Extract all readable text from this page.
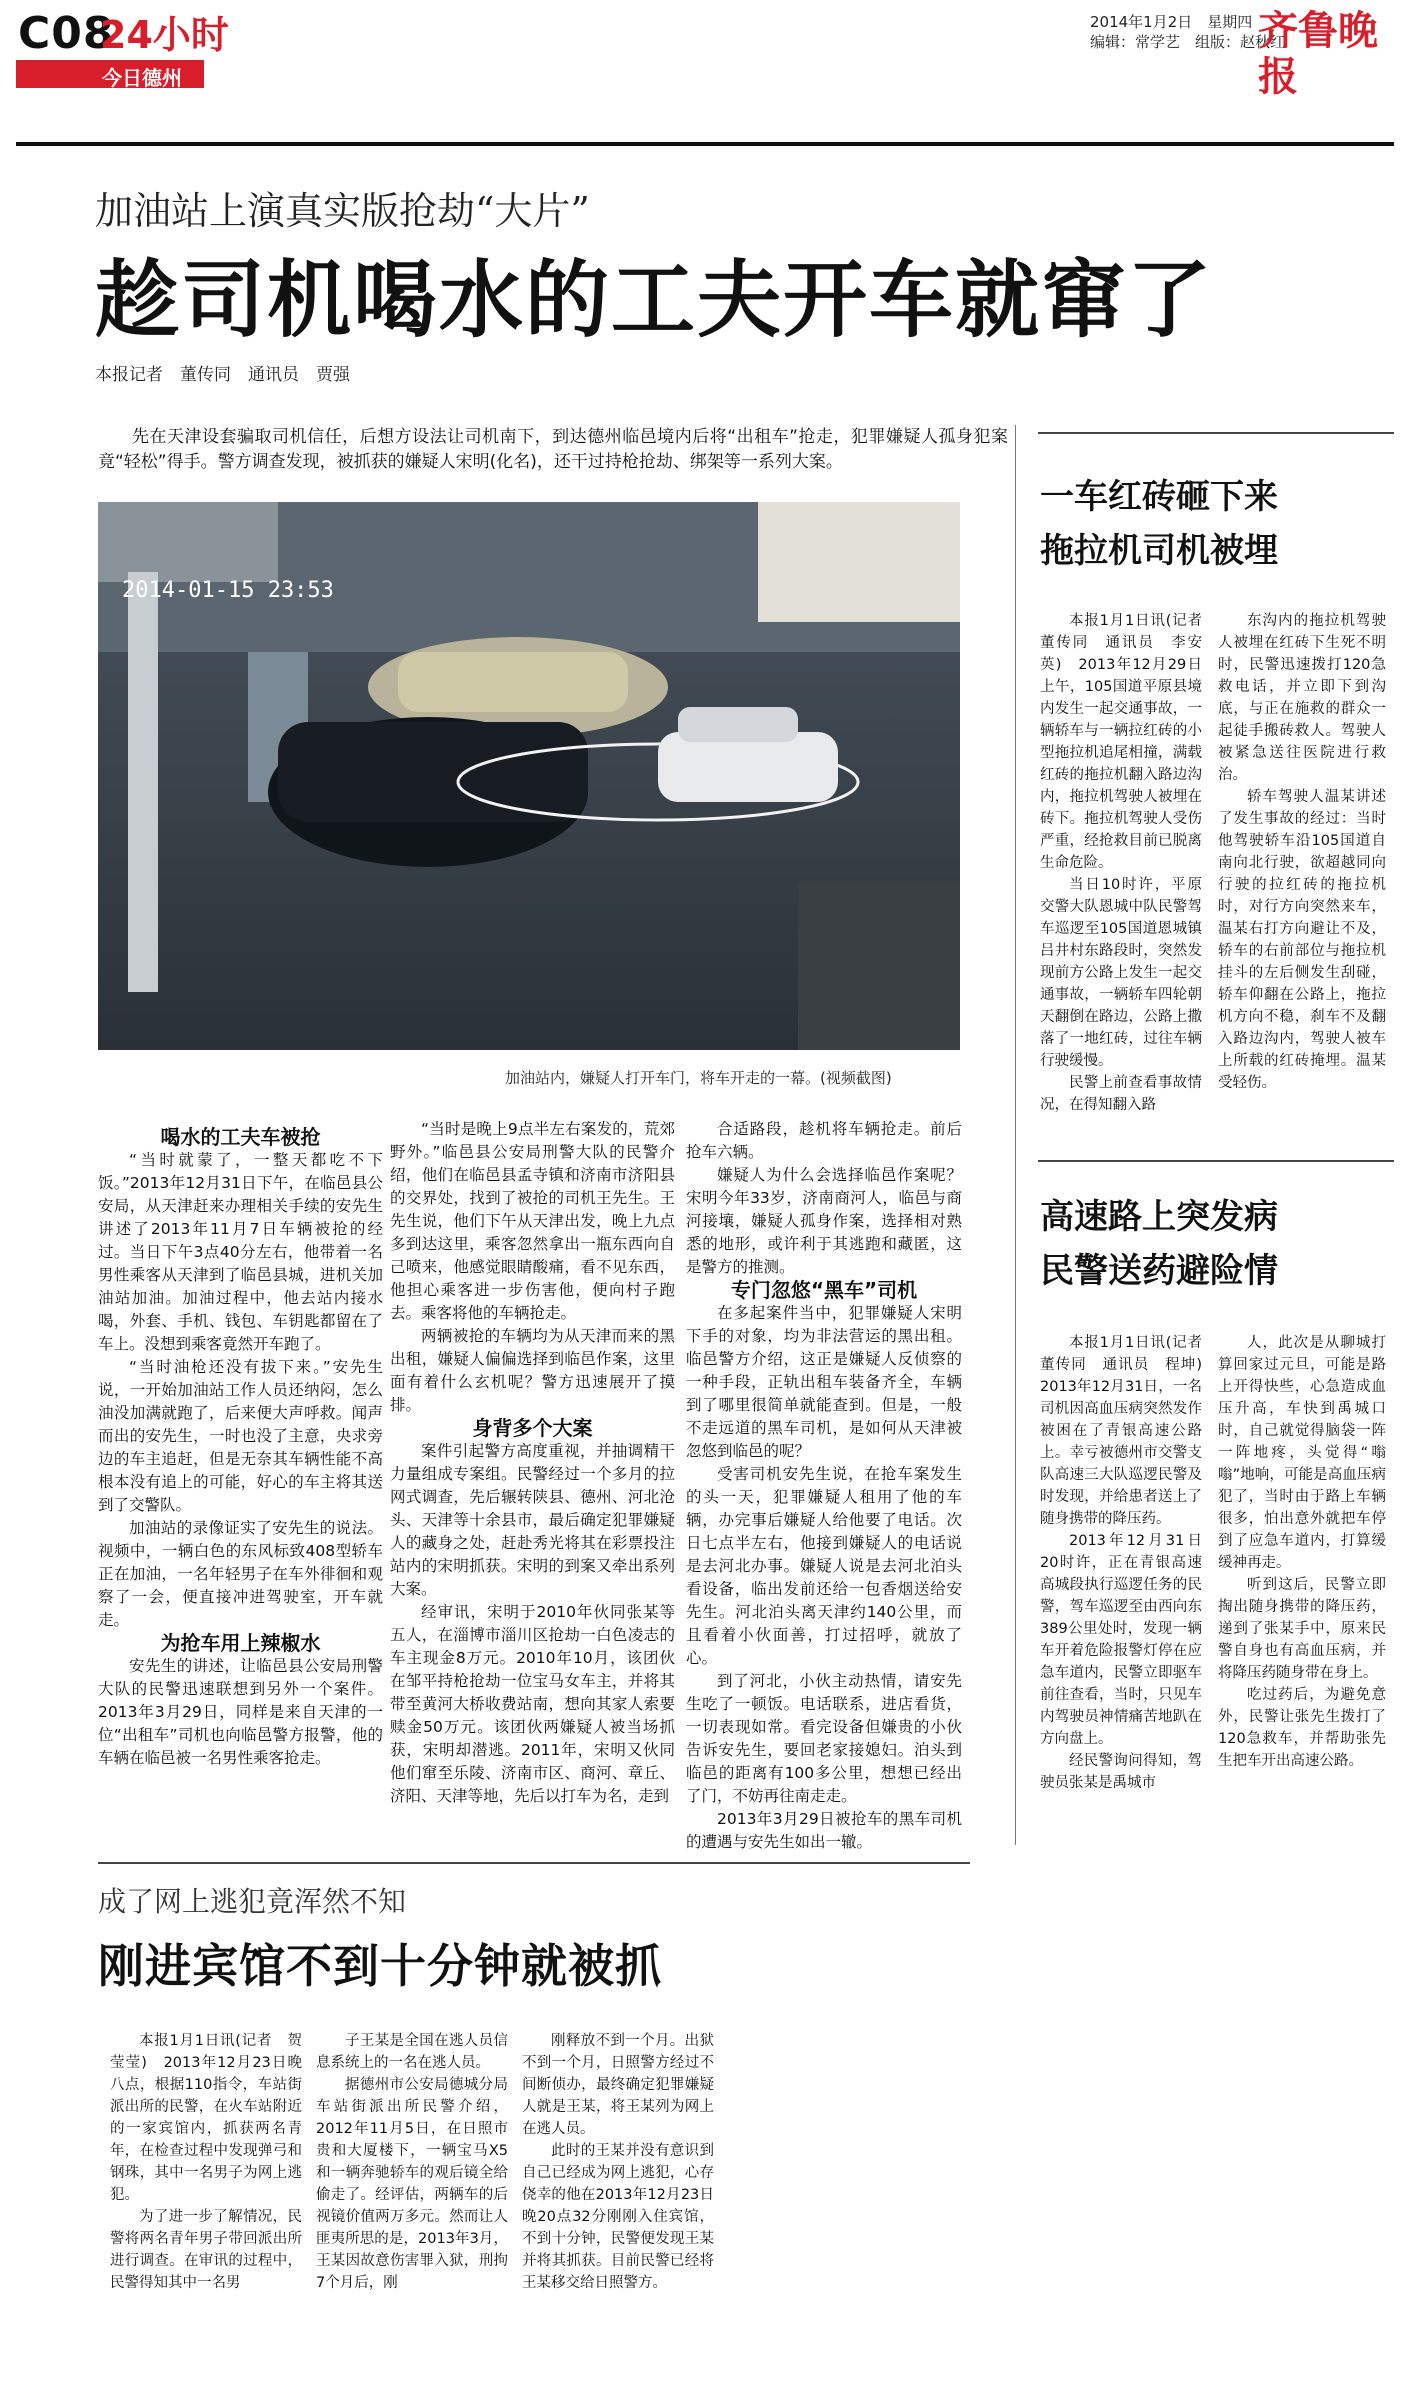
C08
24小时
今日德州
2014年1月2日　星期四
编辑：常学艺　组版：赵秋红
齐鲁晚报
加油站上演真实版抢劫“大片”
趁司机喝水的工夫开车就窜了
本报记者　董传同　通讯员　贾强
先在天津设套骗取司机信任，后想方设法让司机南下，到达德州临邑境内后将“出租车”抢走，犯罪嫌疑人孤身犯案竟“轻松”得手。警方调查发现，被抓获的嫌疑人宋明(化名)，还干过持枪抢劫、绑架等一系列大案。
2014-01-15 23:53
加油站内，嫌疑人打开车门，将车开走的一幕。(视频截图)

喝水的工夫车被抢

“当时就蒙了，一整天都吃不下饭。”2013年12月31日下午，在临邑县公安局，从天津赶来办理相关手续的安先生讲述了2013年11月7日车辆被抢的经过。当日下午3点40分左右，他带着一名男性乘客从天津到了临邑县城，进机关加油站加油。加油过程中，他去站内接水喝，外套、手机、钱包、车钥匙都留在了车上。没想到乘客竟然开车跑了。

“当时油枪还没有拔下来。”安先生说，一开始加油站工作人员还纳闷，怎么油没加满就跑了，后来便大声呼救。闻声而出的安先生，一时也没了主意，央求旁边的车主追赶，但是无奈其车辆性能不高根本没有追上的可能，好心的车主将其送到了交警队。

加油站的录像证实了安先生的说法。视频中，一辆白色的东风标致408型轿车正在加油，一名年轻男子在车外徘徊和观察了一会，便直接冲进驾驶室，开车就走。

为抢车用上辣椒水

安先生的讲述，让临邑县公安局刑警大队的民警迅速联想到另外一个案件。2013年3月29日，同样是来自天津的一位“出租车”司机也向临邑警方报警，他的车辆在临邑被一名男性乘客抢走。

“当时是晚上9点半左右案发的，荒郊野外。”临邑县公安局刑警大队的民警介绍，他们在临邑县孟寺镇和济南市济阳县的交界处，找到了被抢的司机王先生。王先生说，他们下午从天津出发，晚上九点多到达这里，乘客忽然拿出一瓶东西向自己喷来，他感觉眼睛酸痛，看不见东西，他担心乘客进一步伤害他，便向村子跑去。乘客将他的车辆抢走。

两辆被抢的车辆均为从天津而来的黑出租，嫌疑人偏偏选择到临邑作案，这里面有着什么玄机呢？警方迅速展开了摸排。

身背多个大案

案件引起警方高度重视，并抽调精干力量组成专案组。民警经过一个多月的拉网式调查，先后辗转陕县、德州、河北沧头、天津等十余县市，最后确定犯罪嫌疑人的藏身之处，赶赴秀光将其在彩票投注站内的宋明抓获。宋明的到案又牵出系列大案。

经审讯，宋明于2010年伙同张某等五人，在淄博市淄川区抢劫一白色凌志的车主现金8万元。2010年10月，该团伙在邹平持枪抢劫一位宝马女车主，并将其带至黄河大桥收费站南，想向其家人索要赎金50万元。该团伙两嫌疑人被当场抓获，宋明却潜逃。2011年，宋明又伙同他们窜至乐陵、济南市区、商河、章丘、济阳、天津等地，先后以打车为名，走到

合适路段，趁机将车辆抢走。前后抢车六辆。

嫌疑人为什么会选择临邑作案呢？宋明今年33岁，济南商河人，临邑与商河接壤，嫌疑人孤身作案，选择相对熟悉的地形，或许利于其逃跑和藏匿，这是警方的推测。

专门忽悠“黑车”司机

在多起案件当中，犯罪嫌疑人宋明下手的对象，均为非法营运的黑出租。临邑警方介绍，这正是嫌疑人反侦察的一种手段，正轨出租车装备齐全，车辆到了哪里很简单就能查到。但是，一般不走远道的黑车司机，是如何从天津被忽悠到临邑的呢？

受害司机安先生说，在抢车案发生的头一天，犯罪嫌疑人租用了他的车辆，办完事后嫌疑人给他要了电话。次日七点半左右，他接到嫌疑人的电话说是去河北办事。嫌疑人说是去河北泊头看设备，临出发前还给一包香烟送给安先生。河北泊头离天津约140公里，而且看着小伙面善，打过招呼，就放了心。

到了河北，小伙主动热情，请安先生吃了一顿饭。电话联系，进店看货，一切表现如常。看完设备但嫌贵的小伙告诉安先生，要回老家接媳妇。泊头到临邑的距离有100多公里，想想已经出了门，不妨再往南走走。

2013年3月29日被抢车的黑车司机的遭遇与安先生如出一辙。

一车红砖砸下来
拖拉机司机被埋

本报1月1日讯(记者　董传同　通讯员　李安英)　2013年12月29日上午，105国道平原县境内发生一起交通事故，一辆轿车与一辆拉红砖的小型拖拉机追尾相撞，满载红砖的拖拉机翻入路边沟内，拖拉机驾驶人被埋在砖下。拖拉机驾驶人受伤严重，经抢救目前已脱离生命危险。

当日10时许，平原交警大队恩城中队民警驾车巡逻至105国道恩城镇吕井村东路段时，突然发现前方公路上发生一起交通事故，一辆轿车四轮朝天翻倒在路边，公路上撒落了一地红砖，过往车辆行驶缓慢。

民警上前查看事故情况，在得知翻入路

东沟内的拖拉机驾驶人被埋在红砖下生死不明时，民警迅速拨打120急救电话，并立即下到沟底，与正在施救的群众一起徒手搬砖救人。驾驶人被紧急送往医院进行救治。

轿车驾驶人温某讲述了发生事故的经过：当时他驾驶轿车沿105国道自南向北行驶，欲超越同向行驶的拉红砖的拖拉机时，对行方向突然来车，温某右打方向避让不及，轿车的右前部位与拖拉机挂斗的左后侧发生刮碰，轿车仰翻在公路上，拖拉机方向不稳，刹车不及翻入路边沟内，驾驶人被车上所载的红砖掩埋。温某受轻伤。

高速路上突发病
民警送药避险情

本报1月1日讯(记者　董传同　通讯员　程坤)　2013年12月31日，一名司机因高血压病突然发作被困在了青银高速公路上。幸亏被德州市交警支队高速三大队巡逻民警及时发现，并给患者送上了随身携带的降压药。

2013年12月31日20时许，正在青银高速高城段执行巡逻任务的民警，驾车巡逻至由西向东389公里处时，发现一辆车开着危险报警灯停在应急车道内，民警立即驱车前往查看，当时，只见车内驾驶员神情痛苦地趴在方向盘上。

经民警询问得知，驾驶员张某是禹城市

人，此次是从聊城打算回家过元旦，可能是路上开得快些，心急造成血压升高，车快到禹城口时，自己就觉得脑袋一阵一阵地疼，头觉得“嗡嗡”地响，可能是高血压病犯了，当时由于路上车辆很多，怕出意外就把车停到了应急车道内，打算缓缓神再走。

听到这后，民警立即掏出随身携带的降压药，递到了张某手中，原来民警自身也有高血压病，并将降压药随身带在身上。

吃过药后，为避免意外，民警让张先生拨打了120急救车，并帮助张先生把车开出高速公路。

成了网上逃犯竟浑然不知
刚进宾馆不到十分钟就被抓

本报1月1日讯(记者　贺莹莹)　2013年12月23日晚八点，根据110指令，车站街派出所的民警，在火车站附近的一家宾馆内，抓获两名青年，在检查过程中发现弹弓和钢珠，其中一名男子为网上逃犯。

为了进一步了解情况，民警将两名青年男子带回派出所进行调查。在审讯的过程中，民警得知其中一名男

子王某是全国在逃人员信息系统上的一名在逃人员。

据德州市公安局德城分局车站街派出所民警介绍，2012年11月5日，在日照市贵和大厦楼下，一辆宝马X5和一辆奔驰轿车的观后镜全给偷走了。经评估，两辆车的后视镜价值两万多元。然而让人匪夷所思的是，2013年3月，王某因故意伤害罪入狱，刑拘7个月后，刚

刚释放不到一个月。出狱不到一个月，日照警方经过不间断侦办，最终确定犯罪嫌疑人就是王某，将王某列为网上在逃人员。

此时的王某并没有意识到自己已经成为网上逃犯，心存侥幸的他在2013年12月23日晚20点32分刚刚入住宾馆，不到十分钟，民警便发现王某并将其抓获。目前民警已经将王某移交给日照警方。
